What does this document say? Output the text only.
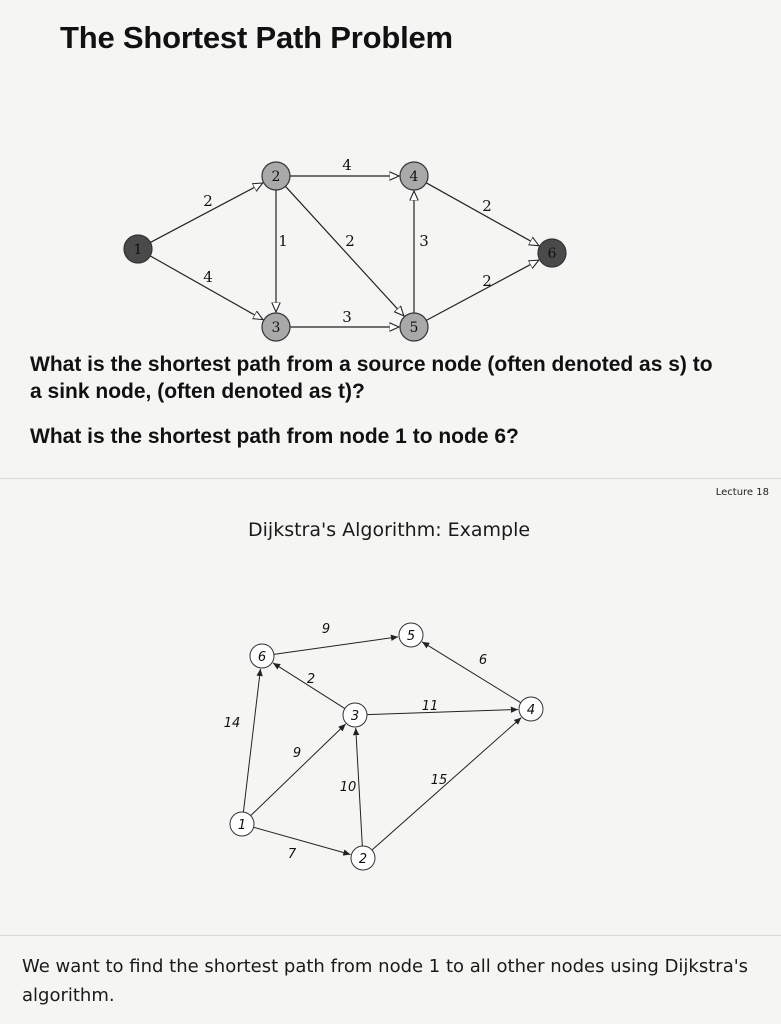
The Shortest Path Problem
2
4
4
1	2
3
3
2
2
1
2
3
4
5
6
9
2
6
11
14
9
10	15
7
1
2
3	4
5
6
What is the shortest path from a source node (often denoted as s) to a sink node, (often denoted as t)?
What is the shortest path from node 1 to node 6?
Lecture 18
Dijkstra's Algorithm: Example
We want to find the shortest path from node 1 to all other nodes using Dijkstra's algorithm.
